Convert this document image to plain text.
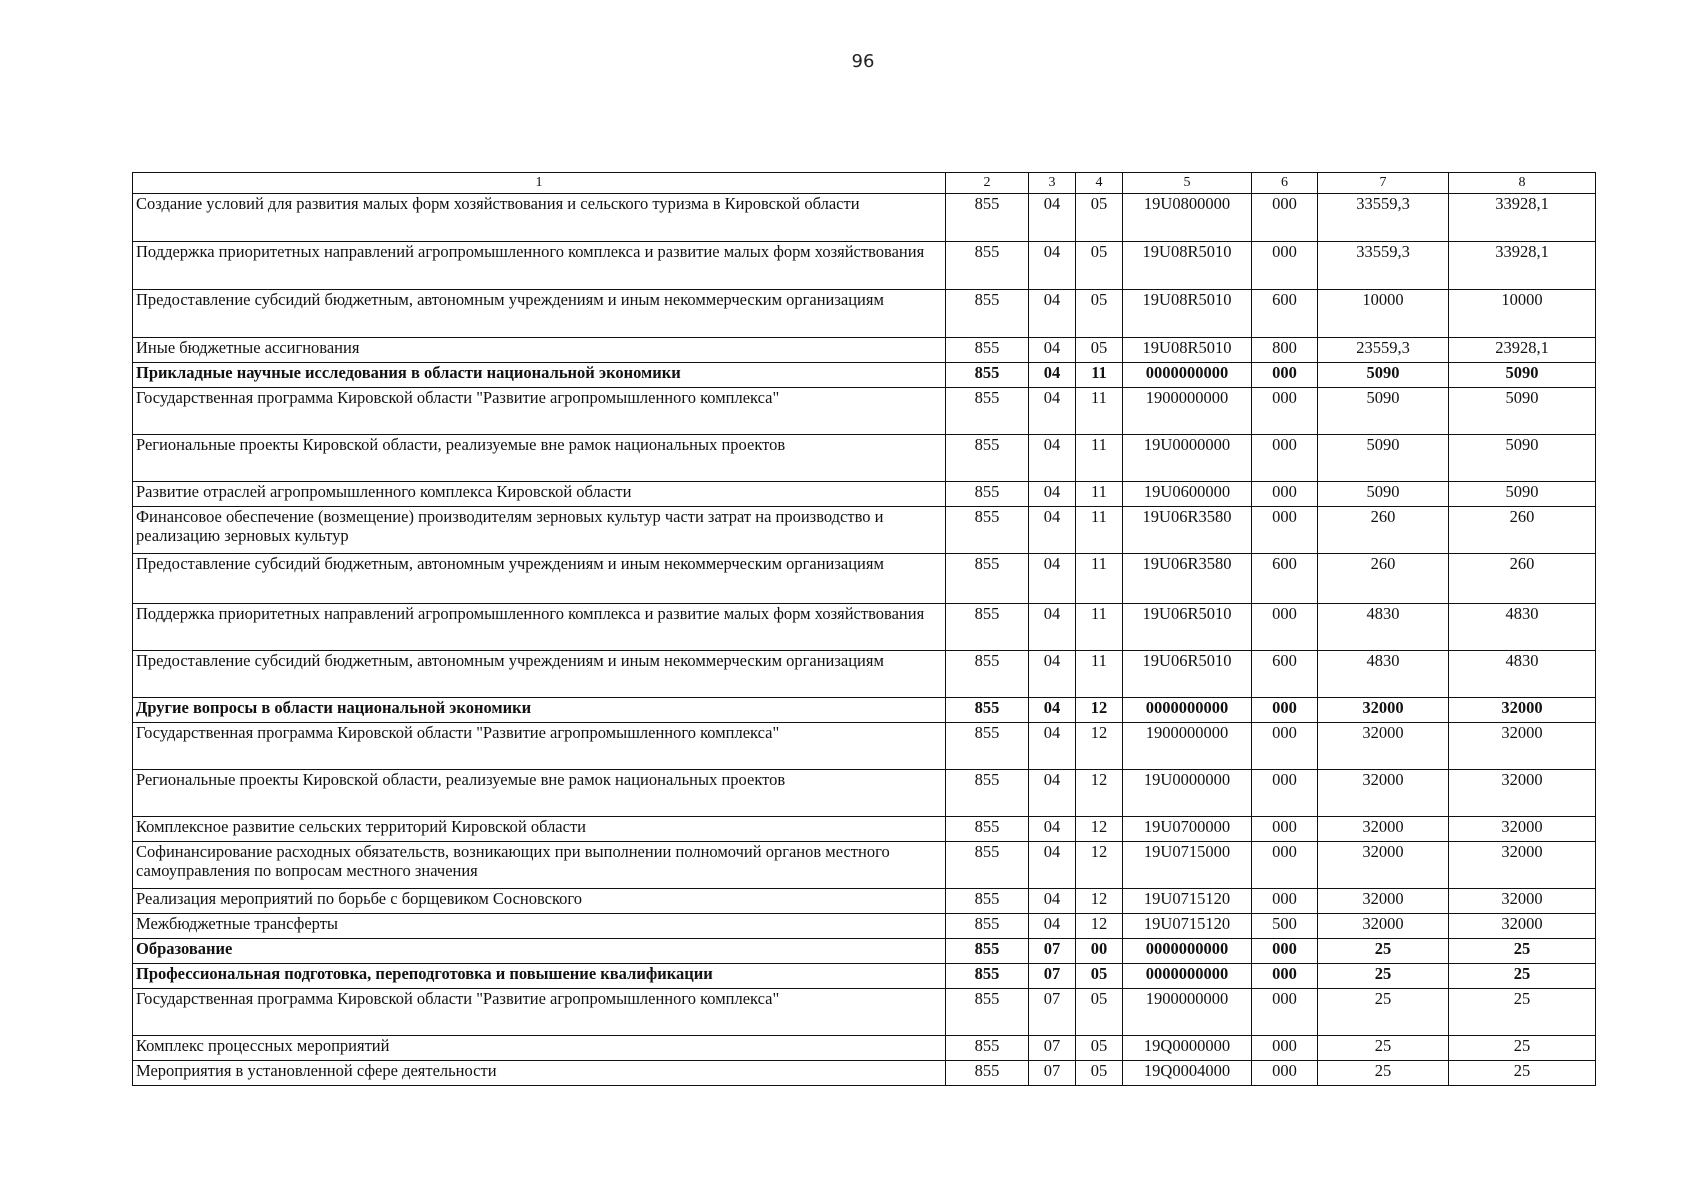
96
1	2	3	4	5	6	7	8
Создание условий для развития малых форм хозяйствования и сельского туризма в Кировской области	855	04	05	19U0800000	000	33559,3	33928,1
Поддержка приоритетных направлений агропромышленного комплекса и развитие малых форм хозяйствования	855	04	05	19U08R5010	000	33559,3	33928,1
Предоставление субсидий бюджетным, автономным учреждениям и иным некоммерческим организациям	855	04	05	19U08R5010	600	10000	10000
Иные бюджетные ассигнования	855	04	05	19U08R5010	800	23559,3	23928,1
Прикладные научные исследования в области национальной экономики	855	04	11	0000000000	000	5090	5090
Государственная программа Кировской области "Развитие агропромышленного комплекса"	855	04	11	1900000000	000	5090	5090
Региональные проекты Кировской области, реализуемые вне рамок национальных проектов	855	04	11	19U0000000	000	5090	5090
Развитие отраслей агропромышленного комплекса Кировской области	855	04	11	19U0600000	000	5090	5090
Финансовое обеспечение (возмещение) производителям зерновых культур части затрат на производство и реализацию зерновых культур	855	04	11	19U06R3580	000	260	260
Предоставление субсидий бюджетным, автономным учреждениям и иным некоммерческим организациям	855	04	11	19U06R3580	600	260	260
Поддержка приоритетных направлений агропромышленного комплекса и развитие малых форм хозяйствования	855	04	11	19U06R5010	000	4830	4830
Предоставление субсидий бюджетным, автономным учреждениям и иным некоммерческим организациям	855	04	11	19U06R5010	600	4830	4830
Другие вопросы в области национальной экономики	855	04	12	0000000000	000	32000	32000
Государственная программа Кировской области "Развитие агропромышленного комплекса"	855	04	12	1900000000	000	32000	32000
Региональные проекты Кировской области, реализуемые вне рамок национальных проектов	855	04	12	19U0000000	000	32000	32000
Комплексное развитие сельских территорий Кировской области	855	04	12	19U0700000	000	32000	32000
Софинансирование расходных обязательств, возникающих при выполнении полномочий органов местного самоуправления по вопросам местного значения	855	04	12	19U0715000	000	32000	32000
Реализация мероприятий по борьбе с борщевиком Сосновского	855	04	12	19U0715120	000	32000	32000
Межбюджетные трансферты	855	04	12	19U0715120	500	32000	32000
Образование	855	07	00	0000000000	000	25	25
Профессиональная подготовка, переподготовка и повышение квалификации	855	07	05	0000000000	000	25	25
Государственная программа Кировской области "Развитие агропромышленного комплекса"	855	07	05	1900000000	000	25	25
Комплекс процессных мероприятий	855	07	05	19Q0000000	000	25	25
Мероприятия в установленной сфере деятельности	855	07	05	19Q0004000	000	25	25
